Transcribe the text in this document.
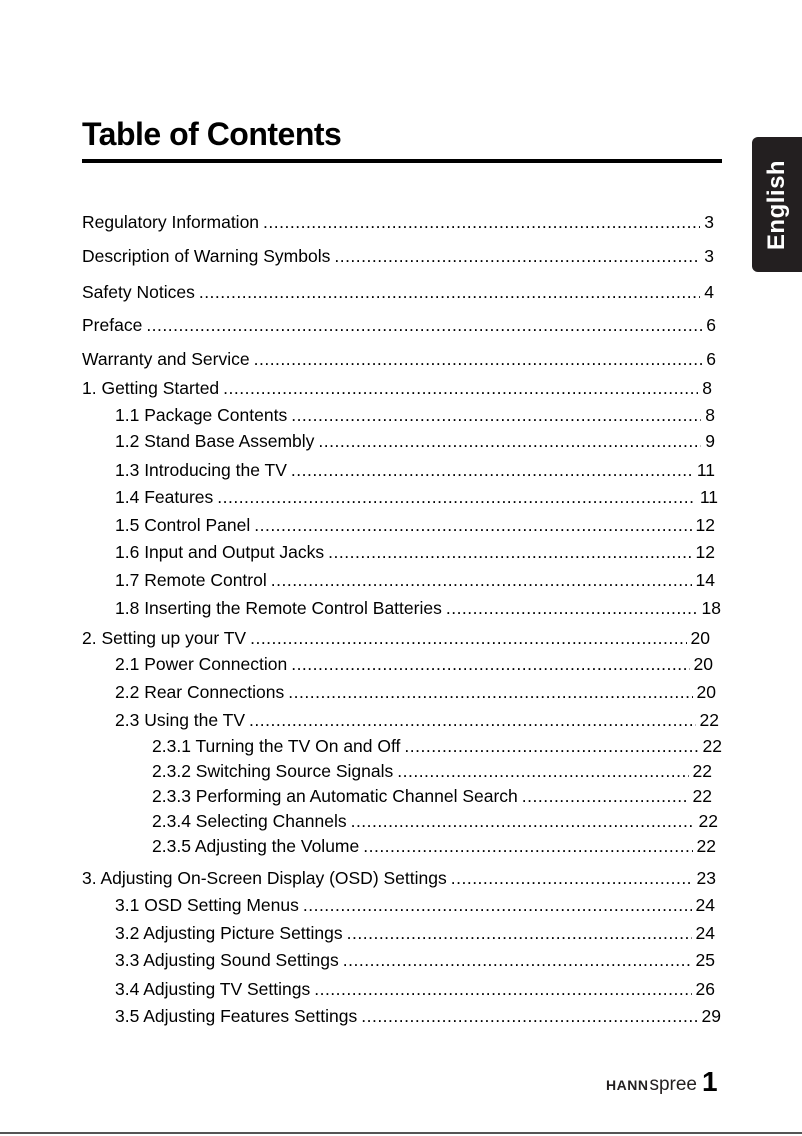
Table of Contents
English
Regulatory Information .....	3
Description of Warning Symbols .....	3
Safety Notices .....	4
Preface .....	6
Warranty and Service .....	6
1. Getting Started .....	8
1.1 Package Contents .....	8
1.2 Stand Base Assembly .....	9
1.3 Introducing the TV .....	11
1.4 Features .....	11
1.5 Control Panel .....	12
1.6 Input and Output Jacks .....	12
1.7 Remote Control .....	14
1.8 Inserting the Remote Control Batteries .....	18
2. Setting up your TV .....	20
2.1 Power Connection .....	20
2.2 Rear Connections .....	20
2.3 Using the TV .....	22
2.3.1 Turning the TV On and Off .....	22
2.3.2 Switching Source Signals .....	22
2.3.3 Performing an Automatic Channel Search .....	22
2.3.4 Selecting Channels .....	22
2.3.5 Adjusting the Volume .....	22
3. Adjusting On-Screen Display (OSD) Settings .....	23
3.1 OSD Setting Menus .....	24
3.2 Adjusting Picture Settings .....	24
3.3 Adjusting Sound Settings .....	25
3.4 Adjusting TV Settings .....	26
3.5 Adjusting Features Settings .....	29
HANN spree 1
